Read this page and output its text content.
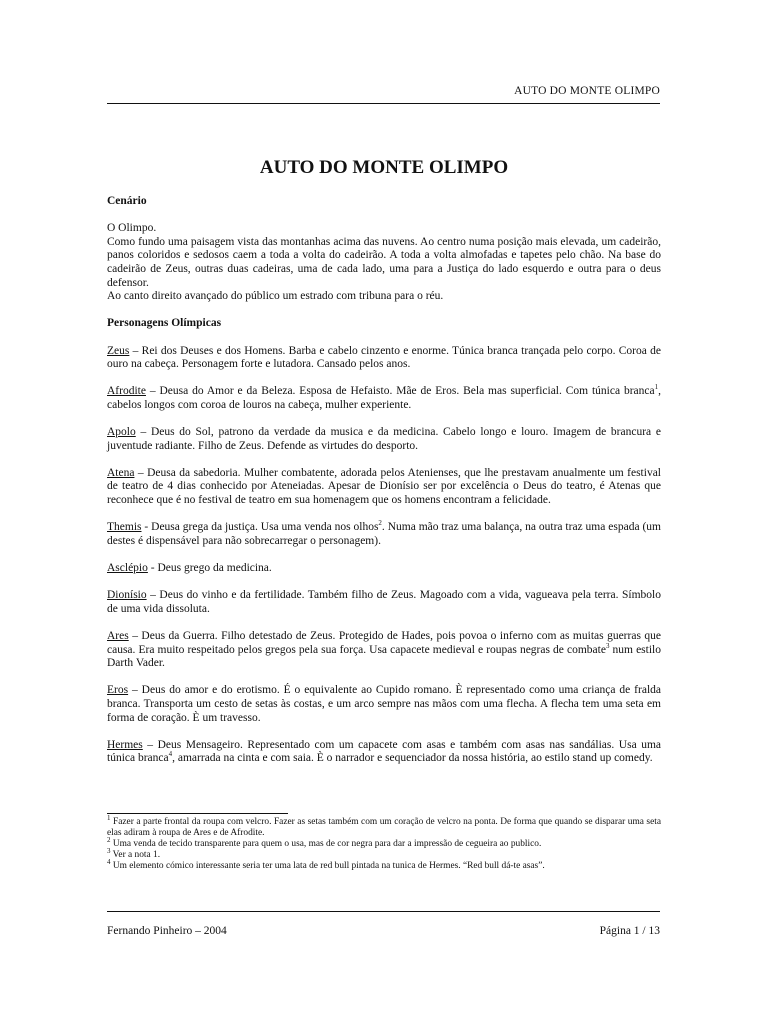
AUTO DO MONTE OLIMPO
AUTO DO MONTE OLIMPO
Cenário
O Olimpo.
Como fundo uma paisagem vista das montanhas acima das nuvens. Ao centro numa posição mais elevada, um cadeirão, panos coloridos e sedosos caem a toda a volta do cadeirão. A toda a volta almofadas e tapetes pelo chão. Na base do cadeirão de Zeus, outras duas cadeiras, uma de cada lado, uma para a Justiça do lado esquerdo e outra para o deus defensor.
Ao canto direito avançado do público um estrado com tribuna para o réu.
Personagens Olímpicas
Zeus – Rei dos Deuses e dos Homens. Barba e cabelo cinzento e enorme. Túnica branca trançada pelo corpo. Coroa de ouro na cabeça. Personagem forte e lutadora. Cansado pelos anos.
Afrodite – Deusa do Amor e da Beleza. Esposa de Hefaisto. Mãe de Eros. Bela mas superficial. Com túnica branca$^1$, cabelos longos com coroa de louros na cabeça, mulher experiente.
Apolo – Deus do Sol, patrono da verdade da musica e da medicina. Cabelo longo e louro. Imagem de brancura e juventude radiante. Filho de Zeus. Defende as virtudes do desporto.
Atena – Deusa da sabedoria. Mulher combatente, adorada pelos Atenienses, que lhe prestavam anualmente um festival de teatro de 4 dias conhecido por Ateneiadas. Apesar de Dionísio ser por excelência o Deus do teatro, é Atenas que reconhece que é no festival de teatro em sua homenagem que os homens encontram a felicidade.
Themis - Deusa grega da justiça. Usa uma venda nos olhos$^2$. Numa mão traz uma balança, na outra traz uma espada (um destes é dispensável para não sobrecarregar o personagem).
Asclépio - Deus grego da medicina.
Dionísio – Deus do vinho e da fertilidade. Também filho de Zeus. Magoado com a vida, vagueava pela terra. Símbolo de uma vida dissoluta.
Ares – Deus da Guerra. Filho detestado de Zeus. Protegido de Hades, pois povoa o inferno com as muitas guerras que causa. Era muito respeitado pelos gregos pela sua força. Usa capacete medieval e roupas negras de combate$^3$ num estilo Darth Vader.
Eros – Deus do amor e do erotismo. É o equivalente ao Cupido romano. È representado como uma criança de fralda branca. Transporta um cesto de setas às costas, e um arco sempre nas mãos com uma flecha. A flecha tem uma seta em forma de coração. È um travesso.
Hermes – Deus Mensageiro. Representado com um capacete com asas e também com asas nas sandálias. Usa uma túnica branca$^4$, amarrada na cinta e com saia. È o narrador e sequenciador da nossa história, ao estilo stand up comedy.
$^1$ Fazer a parte frontal da roupa com velcro. Fazer as setas também com um coração de velcro na ponta. De forma que quando se disparar uma seta elas adiram à roupa de Ares e de Afrodite.
$^2$ Uma venda de tecido transparente para quem o usa, mas de cor negra para dar a impressão de cegueira ao publico.
$^3$ Ver a nota 1.
$^4$ Um elemento cómico interessante seria ter uma lata de red bull pintada na tunica de Hermes. “Red bull dá-te asas”.
Fernando Pinheiro – 2004	Página 1 / 13
